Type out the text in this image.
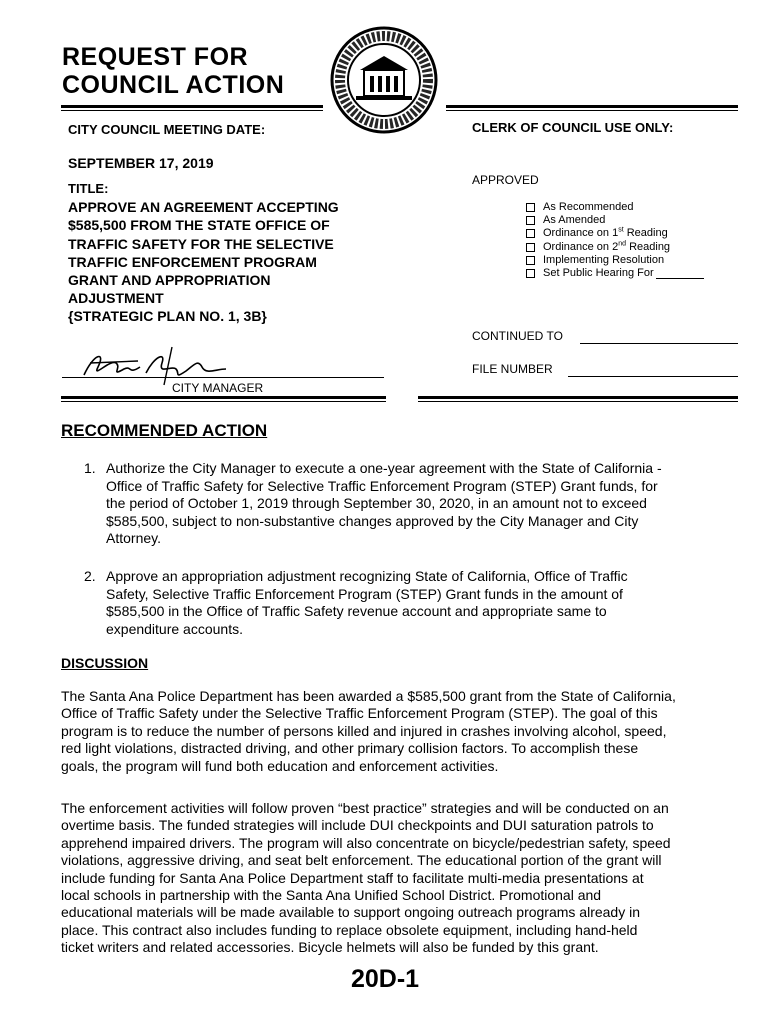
REQUEST FOR
COUNCIL ACTION
CITY COUNCIL MEETING DATE:
SEPTEMBER 17, 2019
TITLE:
APPROVE AN AGREEMENT ACCEPTING
$585,500 FROM THE STATE OFFICE OF
TRAFFIC SAFETY FOR THE SELECTIVE
TRAFFIC ENFORCEMENT PROGRAM
GRANT AND APPROPRIATION
ADJUSTMENT
{STRATEGIC PLAN NO. 1, 3B}
CITY MANAGER
CLERK OF COUNCIL USE ONLY:
APPROVED
As Recommended
As Amended
Ordinance on 1st Reading
Ordinance on 2nd Reading
Implementing Resolution
Set Public Hearing For
CONTINUED TO
FILE NUMBER
RECOMMENDED ACTION
1. Authorize the City Manager to execute a one-year agreement with the State of California -
Office of Traffic Safety for Selective Traffic Enforcement Program (STEP) Grant funds, for
the period of October 1, 2019 through September 30, 2020, in an amount not to exceed
$585,500, subject to non-substantive changes approved by the City Manager and City
Attorney.
2. Approve an appropriation adjustment recognizing State of California, Office of Traffic
Safety, Selective Traffic Enforcement Program (STEP) Grant funds in the amount of
$585,500 in the Office of Traffic Safety revenue account and appropriate same to
expenditure accounts.
DISCUSSION
The Santa Ana Police Department has been awarded a $585,500 grant from the State of California,
Office of Traffic Safety under the Selective Traffic Enforcement Program (STEP). The goal of this
program is to reduce the number of persons killed and injured in crashes involving alcohol, speed,
red light violations, distracted driving, and other primary collision factors. To accomplish these
goals, the program will fund both education and enforcement activities.
The enforcement activities will follow proven “best practice” strategies and will be conducted on an
overtime basis. The funded strategies will include DUI checkpoints and DUI saturation patrols to
apprehend impaired drivers. The program will also concentrate on bicycle/pedestrian safety, speed
violations, aggressive driving, and seat belt enforcement. The educational portion of the grant will
include funding for Santa Ana Police Department staff to facilitate multi-media presentations at
local schools in partnership with the Santa Ana Unified School District. Promotional and
educational materials will be made available to support ongoing outreach programs already in
place. This contract also includes funding to replace obsolete equipment, including hand-held
ticket writers and related accessories. Bicycle helmets will also be funded by this grant.
20D-1
